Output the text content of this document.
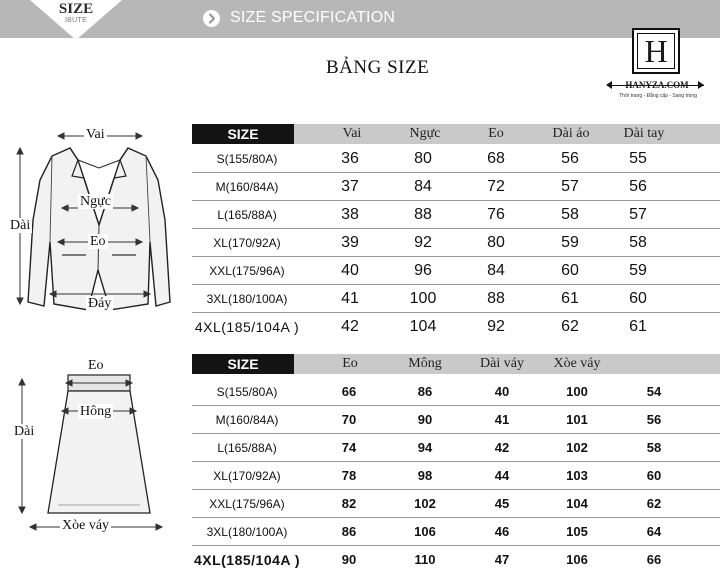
SIZE
IBUTE	SIZE SPECIFICATION
BẢNG SIZE	H
HANYZA.COM
Thời trang - Đẳng cấp - Sang trọng
Vai
Dài
Ngực
Eo
Đáy
Eo
Hông
Dài
Xòe váy
SIZE	Vai	Ngực	Eo	Dài áo	Dài tay
S(155/80A)	36	80	68	56	55
M(160/84A)	37	84	72	57	56
L(165/88A)	38	88	76	58	57
XL(170/92A)	39	92	80	59	58
XXL(175/96A)	40	96	84	60	59
3XL(180/100A)	41	100	88	61	60
4XL(185/104A )	42	104	92	62	61
SIZE	Eo	Mông	Dài váy	Xòe váy
S(155/80A)	66	86	40	100	54
M(160/84A)	70	90	41	101	56
L(165/88A)	74	94	42	102	58
XL(170/92A)	78	98	44	103	60
XXL(175/96A)	82	102	45	104	62
3XL(180/100A)	86	106	46	105	64
4XL(185/104A )	90	110	47	106	66
